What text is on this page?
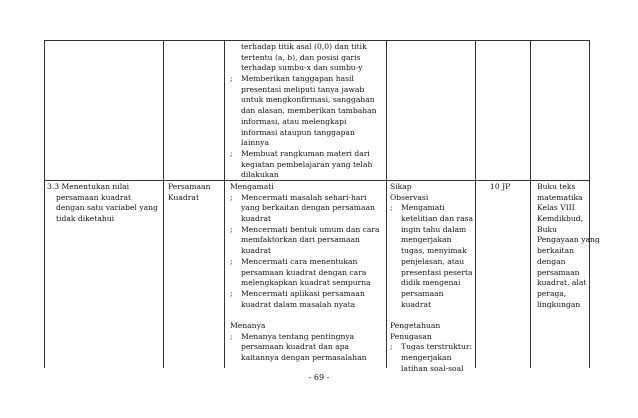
terhadap titik asal (0,0) dan titik
tertentu (a, b), dan posisi garis
terhadap sumbu-x dan sumbu-y
; Memberikan tanggapan hasil
presentasi meliputi tanya jawab
untuk mengkonfirmasi, sanggahan
dan alasan, memberikan tambahan
informasi, atau melengkapi
informasi ataupun tanggapan
lainnya
; Membuat rangkuman materi dari
kegiatan pembelajaran yang telah
dilakukan
3.3 Menentukan nilai
persamaan kuadrat
dengan satu variabel yang
tidak diketahui
Persamaan
Kuadrat
Mengamati
; Mencermati masalah sehari-hari
yang berkaitan dengan persamaan
kuadrat
; Mencermati bentuk umum dan cara
memfaktorkan dari persamaan
kuadrat
; Mencermati cara menentukan
persamaan kuadrat dengan cara
melengkapkan kuadrat sempurna
; Mencermati aplikasi persamaan
kuadrat dalam masalah nyata
Menanya
; Menanya tentang pentingnya
persamaan kuadrat dan apa
kaitannya dengan permasalahan
Sikap
Observasi
; Mengamati
ketelitian dan rasa
ingin tahu dalam
mengerjakan
tugas, menyimak
penjelasan, atau
presentasi peserta
didik mengenai
persamaan
kuadrat
Pengetahuan
Penugasan
; Tugas terstruktur:
mengerjakan
latihan soal-soal
10 JP	Buku teks
matematika
Kelas VIII
Kemdikbud,
Buku
Pengayaan yang
berkaitan
dengan
persamaan
kuadrat, alat
peraga,
lingkungan
- 69 -
